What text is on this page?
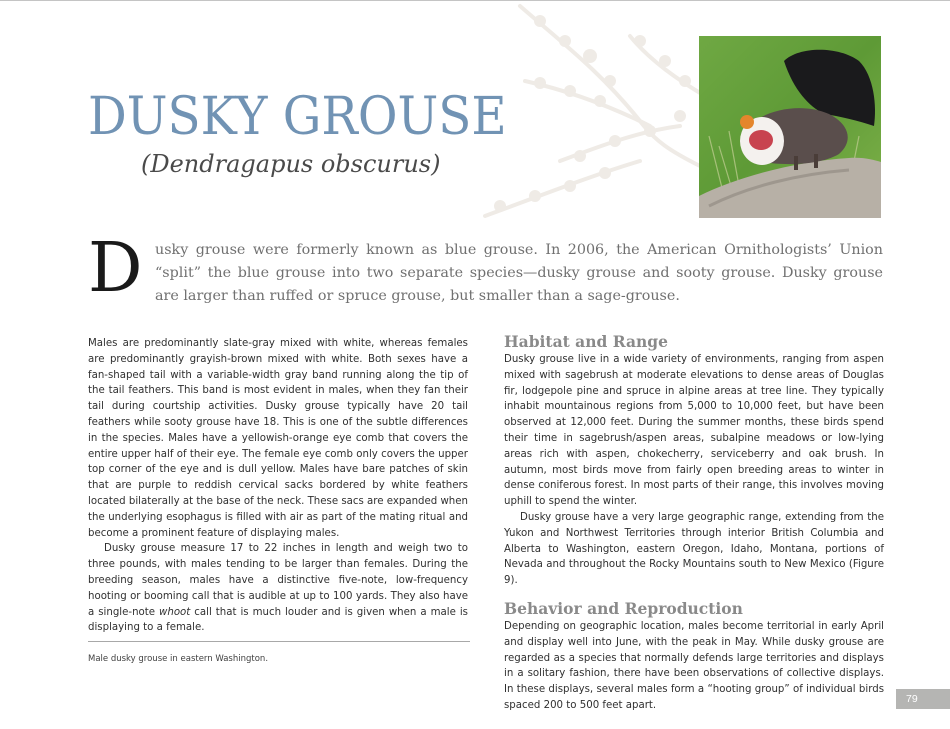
DUSKY GROUSE
(Dendragapus obscurus)
D usky grouse were formerly known as blue grouse. In 2006, the American Ornithologists’ Union “split” the blue grouse into two separate species—dusky grouse and sooty grouse. Dusky grouse are larger than ruffed or spruce grouse, but smaller than a sage-grouse.

Males are predominantly slate-gray mixed with white, whereas females are predominantly grayish-brown mixed with white. Both sexes have a fan-shaped tail with a variable-width gray band running along the tip of the tail feathers. This band is most evident in males, when they fan their tail during courtship activities. Dusky grouse typically have 20 tail feathers while sooty grouse have 18. This is one of the subtle differences in the species. Males have a yellowish-orange eye comb that covers the entire upper half of their eye. The female eye comb only covers the upper top corner of the eye and is dull yellow. Males have bare patches of skin that are purple to reddish cervical sacks bordered by white feathers located bilaterally at the base of the neck. These sacs are expanded when the underlying esophagus is filled with air as part of the mating ritual and become a prominent feature of displaying males.

Dusky grouse measure 17 to 22 inches in length and weigh two to three pounds, with males tending to be larger than females. During the breeding season, males have a distinctive five-note, low-frequency hooting or booming call that is audible at up to 100 yards. They also have a single-note whoot call that is much louder and is given when a male is displaying to a female.

Male dusky grouse in eastern Washington.
Habitat and Range

Dusky grouse live in a wide variety of environments, ranging from aspen mixed with sagebrush at moderate elevations to dense areas of Douglas fir, lodgepole pine and spruce in alpine areas at tree line. They typically inhabit mountainous regions from 5,000 to 10,000 feet, but have been observed at 12,000 feet. During the summer months, these birds spend their time in sagebrush/aspen areas, subalpine meadows or low-lying areas rich with aspen, chokecherry, serviceberry and oak brush. In autumn, most birds move from fairly open breeding areas to winter in dense coniferous forest. In most parts of their range, this involves moving uphill to spend the winter.

Dusky grouse have a very large geographic range, extending from the Yukon and Northwest Territories through interior British Columbia and Alberta to Washington, eastern Oregon, Idaho, Montana, portions of Nevada and throughout the Rocky Mountains south to New Mexico (Figure 9).

Behavior and Reproduction

Depending on geographic location, males become territorial in early April and display well into June, with the peak in May. While dusky grouse are regarded as a species that normally defends large territories and displays in a solitary fashion, there have been observations of collective displays. In these displays, several males form a “hooting group” of individual birds spaced 200 to 500 feet apart.

79
